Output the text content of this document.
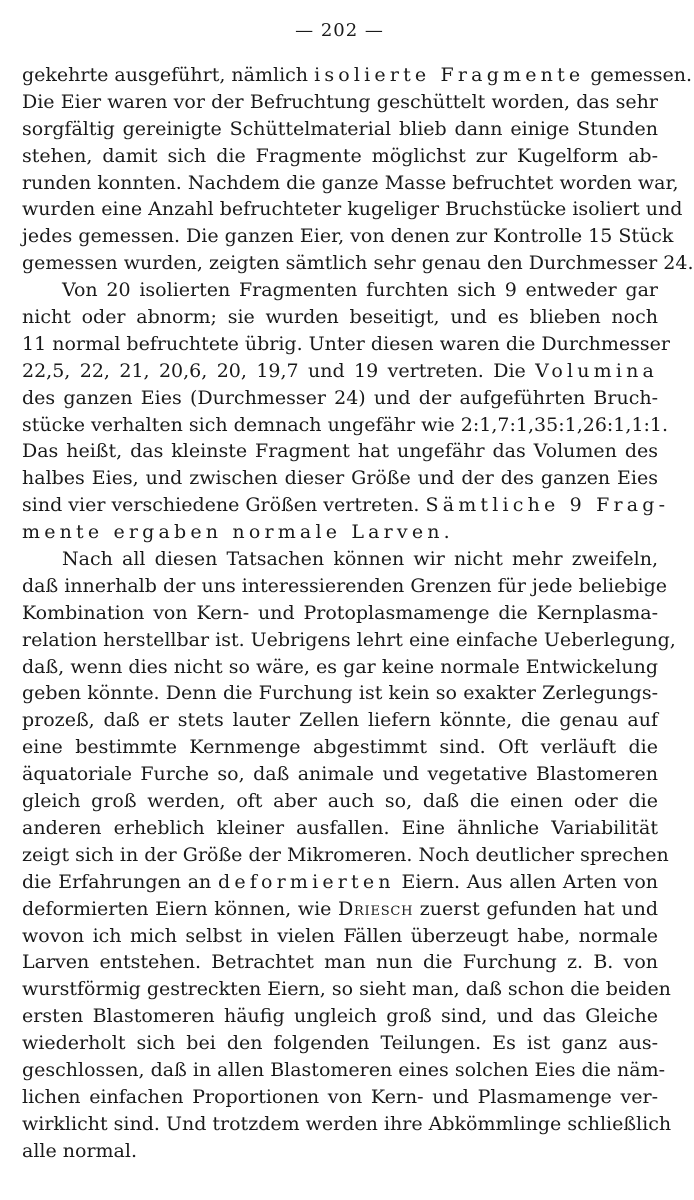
— 202 —
gekehrte ausgeführt, nämlich isolierte Fragmente gemessen.
Die Eier waren vor der Befruchtung geschüttelt worden, das sehr
sorgfältig gereinigte Schüttelmaterial blieb dann einige Stunden
stehen, damit sich die Fragmente möglichst zur Kugelform ab-
runden konnten. Nachdem die ganze Masse befruchtet worden war,
wurden eine Anzahl befruchteter kugeliger Bruchstücke isoliert und
jedes gemessen. Die ganzen Eier, von denen zur Kontrolle 15 Stück
gemessen wurden, zeigten sämtlich sehr genau den Durchmesser 24.
Von 20 isolierten Fragmenten furchten sich 9 entweder gar
nicht oder abnorm; sie wurden beseitigt, und es blieben noch
11 normal befruchtete übrig. Unter diesen waren die Durchmesser
22,5, 22, 21, 20,6, 20, 19,7 und 19 vertreten. Die Volumina
des ganzen Eies (Durchmesser 24) und der aufgeführten Bruch-
stücke verhalten sich demnach ungefähr wie 2:1,7:1,35:1,26:1,1:1.
Das heißt, das kleinste Fragment hat ungefähr das Volumen des
halbes Eies, und zwischen dieser Größe und der des ganzen Eies
sind vier verschiedene Größen vertreten. Sämtliche 9 Frag-
mente ergaben normale Larven.
Nach all diesen Tatsachen können wir nicht mehr zweifeln,
daß innerhalb der uns interessierenden Grenzen für jede beliebige
Kombination von Kern- und Protoplasmamenge die Kernplasma-
relation herstellbar ist. Uebrigens lehrt eine einfache Ueberlegung,
daß, wenn dies nicht so wäre, es gar keine normale Entwickelung
geben könnte. Denn die Furchung ist kein so exakter Zerlegungs-
prozeß, daß er stets lauter Zellen liefern könnte, die genau auf
eine bestimmte Kernmenge abgestimmt sind. Oft verläuft die
äquatoriale Furche so, daß animale und vegetative Blastomeren
gleich groß werden, oft aber auch so, daß die einen oder die
anderen erheblich kleiner ausfallen. Eine ähnliche Variabilität
zeigt sich in der Größe der Mikromeren. Noch deutlicher sprechen
die Erfahrungen an deformierten Eiern. Aus allen Arten von
deformierten Eiern können, wie Driesch zuerst gefunden hat und
wovon ich mich selbst in vielen Fällen überzeugt habe, normale
Larven entstehen. Betrachtet man nun die Furchung z. B. von
wurstförmig gestreckten Eiern, so sieht man, daß schon die beiden
ersten Blastomeren häufig ungleich groß sind, und das Gleiche
wiederholt sich bei den folgenden Teilungen. Es ist ganz aus-
geschlossen, daß in allen Blastomeren eines solchen Eies die näm-
lichen einfachen Proportionen von Kern- und Plasmamenge ver-
wirklicht sind. Und trotzdem werden ihre Abkömmlinge schließlich
alle normal.
